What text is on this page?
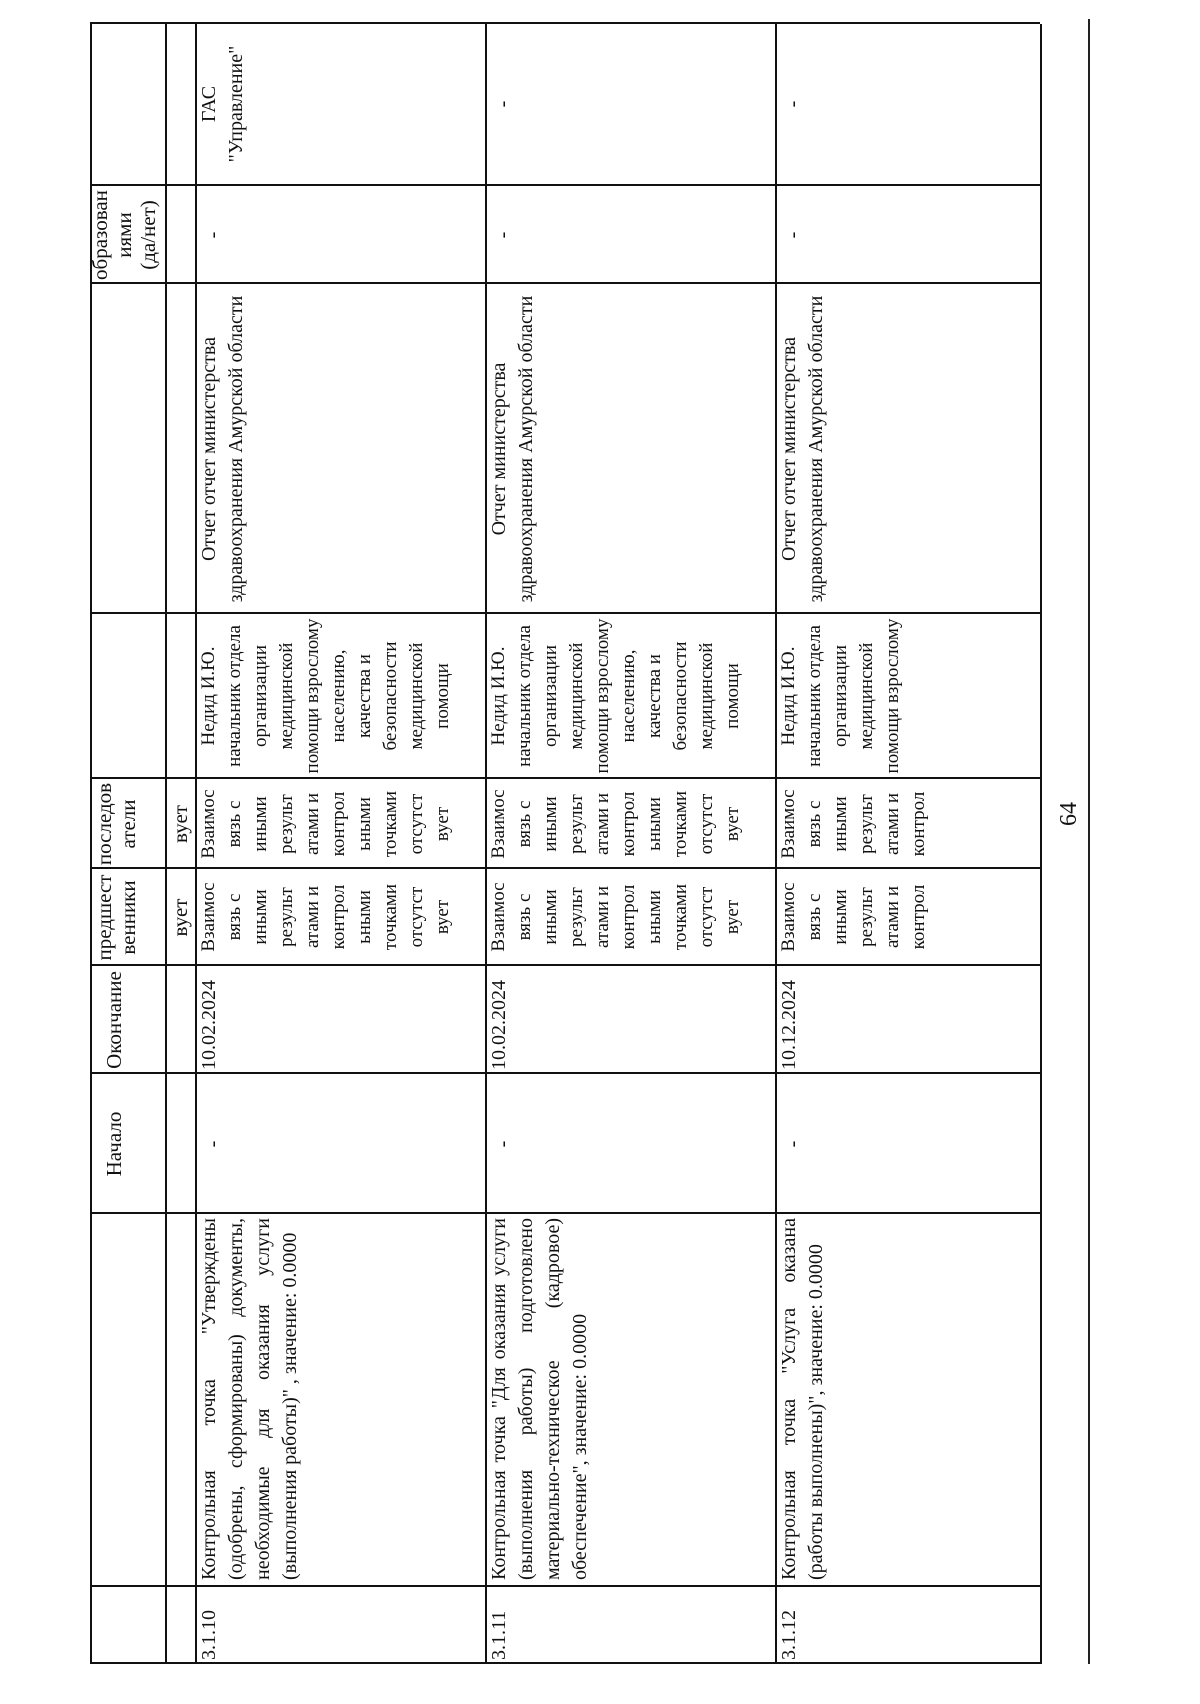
Начало
Окончание
предшест венники
последов атели
образован иями (да/нет)
вует
вует
3.1.10
Контрольная точка "Утверждены (одобрены, сформированы) документы, необходимые для оказания услуги (выполнения работы)" , значение: 0.0000
-
10.02.2024
Взаимос вязь с иными результ атами и контрол ьными точками отсутст вует
Взаимос вязь с иными результ атами и контрол ьными точками отсутст вует
Недид И.Ю. начальник отдела организации медицинской помощи взрослому населению, качества и безопасности медицинской помощи
Отчет отчет министерства здравоохранения Амурской области
-
ГАС "Управление"
3.1.11
Контрольная точка "Для оказания услуги (выполнения работы) подготовлено материально-техническое (кадровое) обеспечение", значение: 0.0000
-
10.02.2024
Взаимос вязь с иными результ атами и контрол ьными точками отсутст вует
Взаимос вязь с иными результ атами и контрол ьными точками отсутст вует
Недид И.Ю. начальник отдела организации медицинской помощи взрослому населению, качества и безопасности медицинской помощи
Отчет министерства здравоохранения Амурской области
-
-
3.1.12
Контрольная точка "Услуга оказана (работы выполнены)", значение: 0.0000
-
10.12.2024
Взаимос вязь с иными результ атами и контрол
Взаимос вязь с иными результ атами и контрол
Недид И.Ю. начальник отдела организации медицинской помощи взрослому
Отчет отчет министерства здравоохранения Амурской области
-
-
64
